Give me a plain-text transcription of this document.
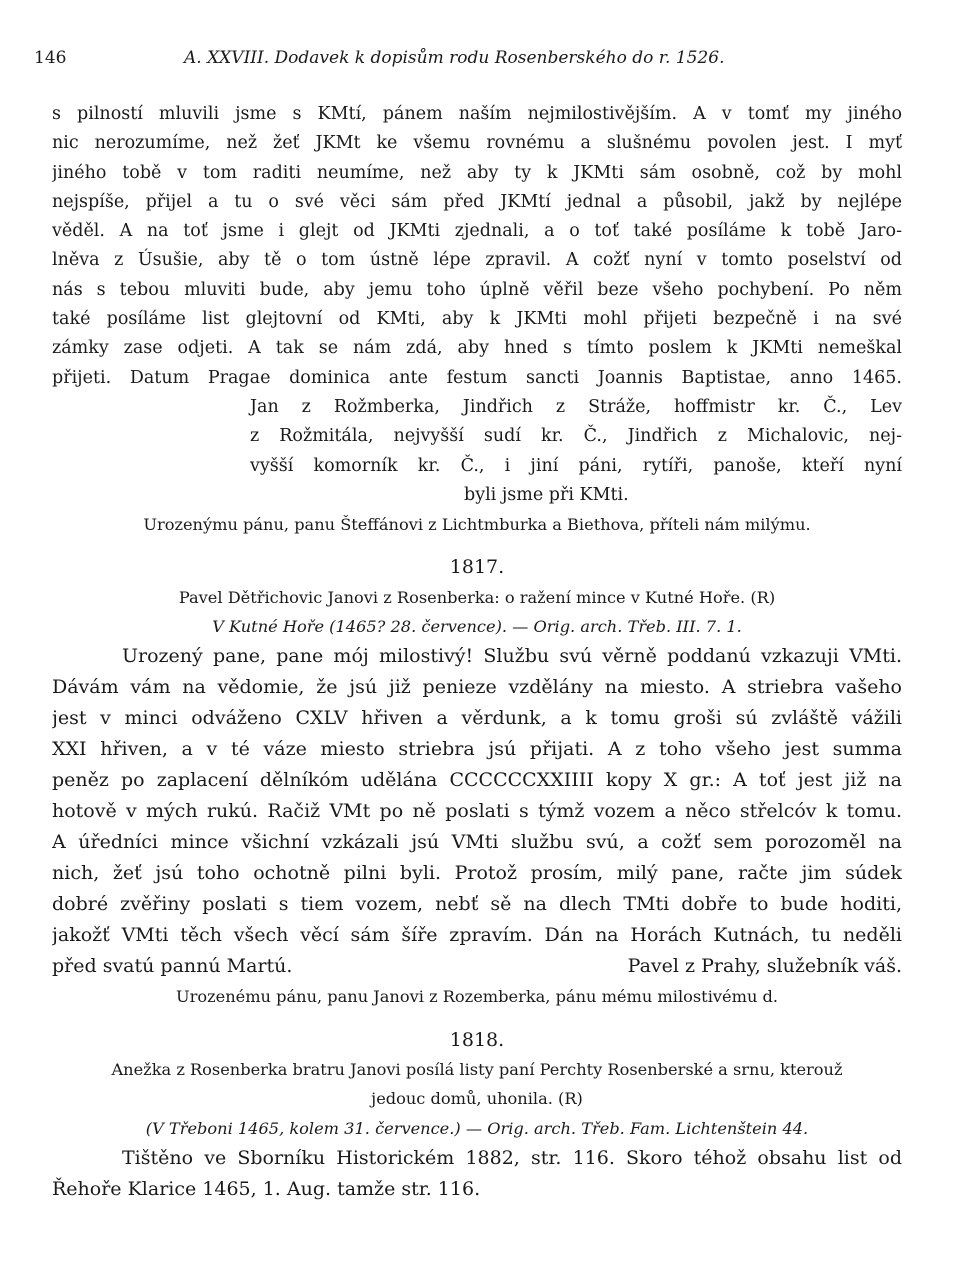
146	A. XXVIII. Dodavek k dopisům rodu Rosenberského do r. 1526.
s pilností mluvili jsme s KMtí, pánem naším nejmilostivějším. A v tomť my jiného
nic nerozumíme, než žeť JKMt ke všemu rovnému a slušnému povolen jest. I myť
jiného tobě v tom raditi neumíme, než aby ty k JKMti sám osobně, což by mohl
nejspíše, přijel a tu o své věci sám před JKMtí jednal a působil, jakž by nejlépe
věděl. A na toť jsme i glejt od JKMti zjednali, a o toť také posíláme k tobě Jaro-
lněva z Úsušie, aby tě o tom ústně lépe zpravil. A cožť nyní v tomto poselství od
nás s tebou mluviti bude, aby jemu toho úplně věřil beze všeho pochybení. Po něm
také posíláme list glejtovní od KMti, aby k JKMti mohl přijeti bezpečně i na své
zámky zase odjeti. A tak se nám zdá, aby hned s tímto poslem k JKMti nemeškal
přijeti. Datum Pragae dominica ante festum sancti Joannis Baptistae, anno 1465.
Jan z Rožmberka, Jindřich z Stráže, hoffmistr kr. Č., Lev
z Rožmitála, nejvyšší sudí kr. Č., Jindřich z Michalovic, nej-
vyšší komorník kr. Č., i jiní páni, rytíři, panoše, kteří nyní
byli jsme při KMti.
Urozenýmu pánu, panu Šteffánovi z Lichtmburka a Biethova, příteli nám milýmu.
1817.
Pavel Dětřichovic Janovi z Rosenberka: o ražení mince v Kutné Hoře. (R)
V Kutné Hoře (1465? 28. července). — Orig. arch. Třeb. III. 7. 1.
Urozený pane, pane mój milostivý! Službu svú věrně poddanú vzkazuji VMti.
Dávám vám na vědomie, že jsú již penieze vzdělány na miesto. A striebra vašeho
jest v minci odváženo CXLV hřiven a věrdunk, a k tomu groši sú zvláště vážili
XXI hřiven, a v té váze miesto striebra jsú přijati. A z toho všeho jest summa
peněz po zaplacení dělníkóm udělána CCCCCCXXIIII kopy X gr.: A toť jest již na
hotově v mých rukú. Račiž VMt po ně poslati s týmž vozem a něco střelcóv k tomu.
A úředníci mince všichní vzkázali jsú VMti službu svú, a cožť sem porozoměl na
nich, žeť jsú toho ochotně pilni byli. Protož prosím, milý pane, račte jim súdek
dobré zvěřiny poslati s tiem vozem, nebť sě na dlech TMti dobře to bude hoditi,
jakožť VMti těch všech věcí sám šíře zpravím. Dán na Horách Kutnách, tu neděli
před svatú pannú Martú.	Pavel z Prahy, služebník váš.
Urozenému pánu, panu Janovi z Rozemberka, pánu mému milostivému d.
1818.
Anežka z Rosenberka bratru Janovi posílá listy paní Perchty Rosenberské a srnu, kterouž
jedouc domů, uhonila. (R)
(V Třeboni 1465, kolem 31. července.) — Orig. arch. Třeb. Fam. Lichtenštein 44.
Tištěno ve Sborníku Historickém 1882, str. 116. Skoro téhož obsahu list od
Řehoře Klarice 1465, 1. Aug. tamže str. 116.
